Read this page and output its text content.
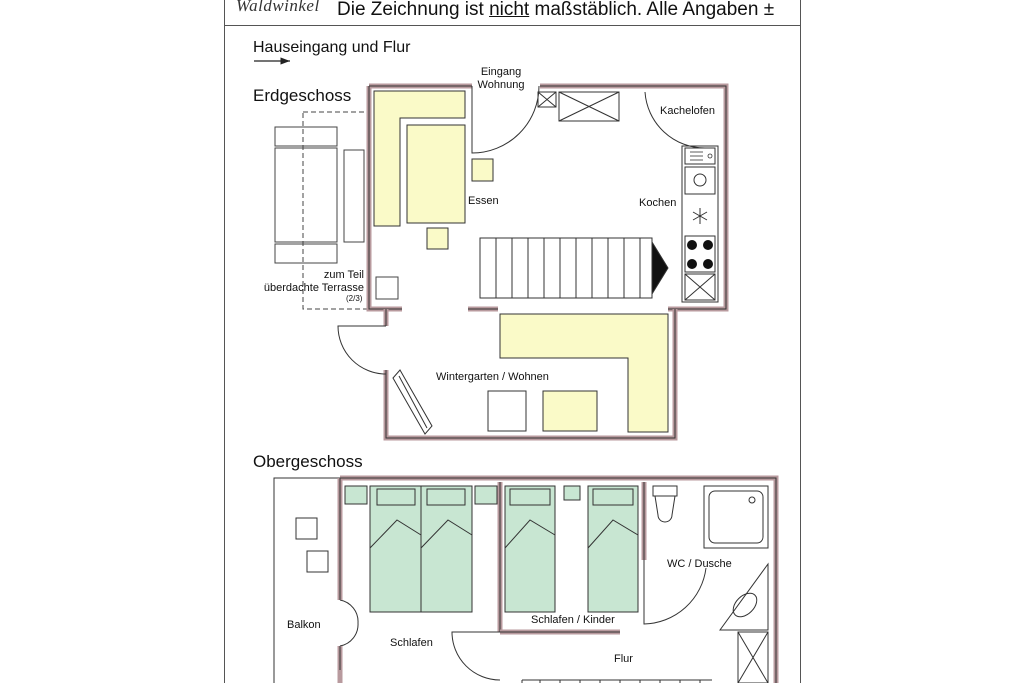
Waldwinkel Die Zeichnung ist nicht maßstäblich. Alle Angaben ±
Hauseingang und Flur
Erdgeschoss
Obergeschoss
Eingang
Wohnung
Kachelofen
Essen	Kochen
zum Teil
überdachte Terrasse
(2/3)
Wintergarten / Wohnen
WC / Dusche
Balkon	Schlafen / Kinder
Schlafen
Flur
